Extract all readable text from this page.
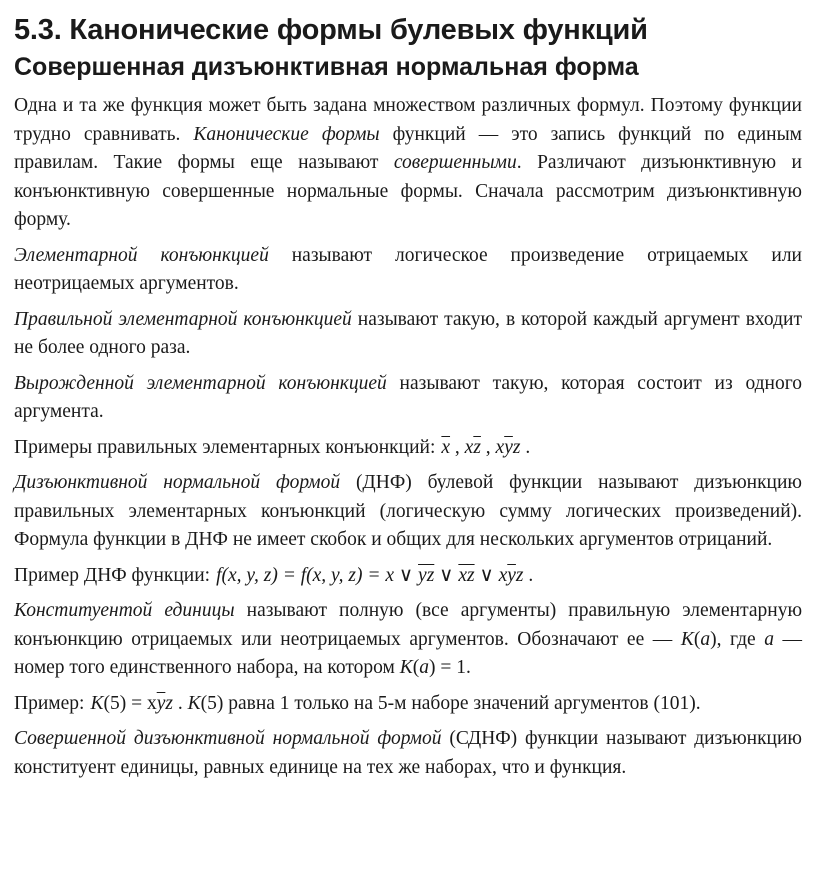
5.3. Канонические формы булевых функций
Совершенная дизъюнктивная нормальная форма

Одна и та же функция может быть задана множеством различных формул. Поэтому функции трудно сравнивать. Канонические формы функций — это запись функций по единым правилам. Такие формы еще называют совершенными. Различают дизъюнктивную и конъюнктивную совершенные нормальные формы. Сначала рассмотрим дизъюнктивную форму.

Элементарной конъюнкцией называют логическое произведение отрицаемых или неотрицаемых аргументов.

Правильной элементарной конъюнкцией называют такую, в которой каждый аргумент входит не более одного раза.

Вырожденной элементарной конъюнкцией называют такую, которая состоит из одного аргумента.

Примеры правильных элементарных конъюнкций: $\overline{x}$ , $x\overline{z}$ , $x\overline{y}z$ .

Дизъюнктивной нормальной формой (ДНФ) булевой функции называют дизъюнкцию правильных элементарных конъюнкций (логическую сумму логических произведений). Формула функции в ДНФ не имеет скобок и общих для нескольких аргументов отрицаний.

Пример ДНФ функции: f(x, y, z) = f(x, y, z) = x ∨ $\overline{yz}$ ∨ $\overline{xz}$ ∨ $x\overline{y}z$ .

Конституентой единицы называют полную (все аргументы) правильную элементарную конъюнкцию отрицаемых или неотрицаемых аргументов. Обозначают ее — K(a), где a — номер того единственного набора, на котором K(a) = 1.

Пример: $K(5) = x\overline{y}z$ . K(5) равна 1 только на 5-м наборе значений аргументов (101).

Совершенной дизъюнктивной нормальной формой (СДНФ) функции называют дизъюнкцию конституент единицы, равных единице на тех же наборах, что и функция.
